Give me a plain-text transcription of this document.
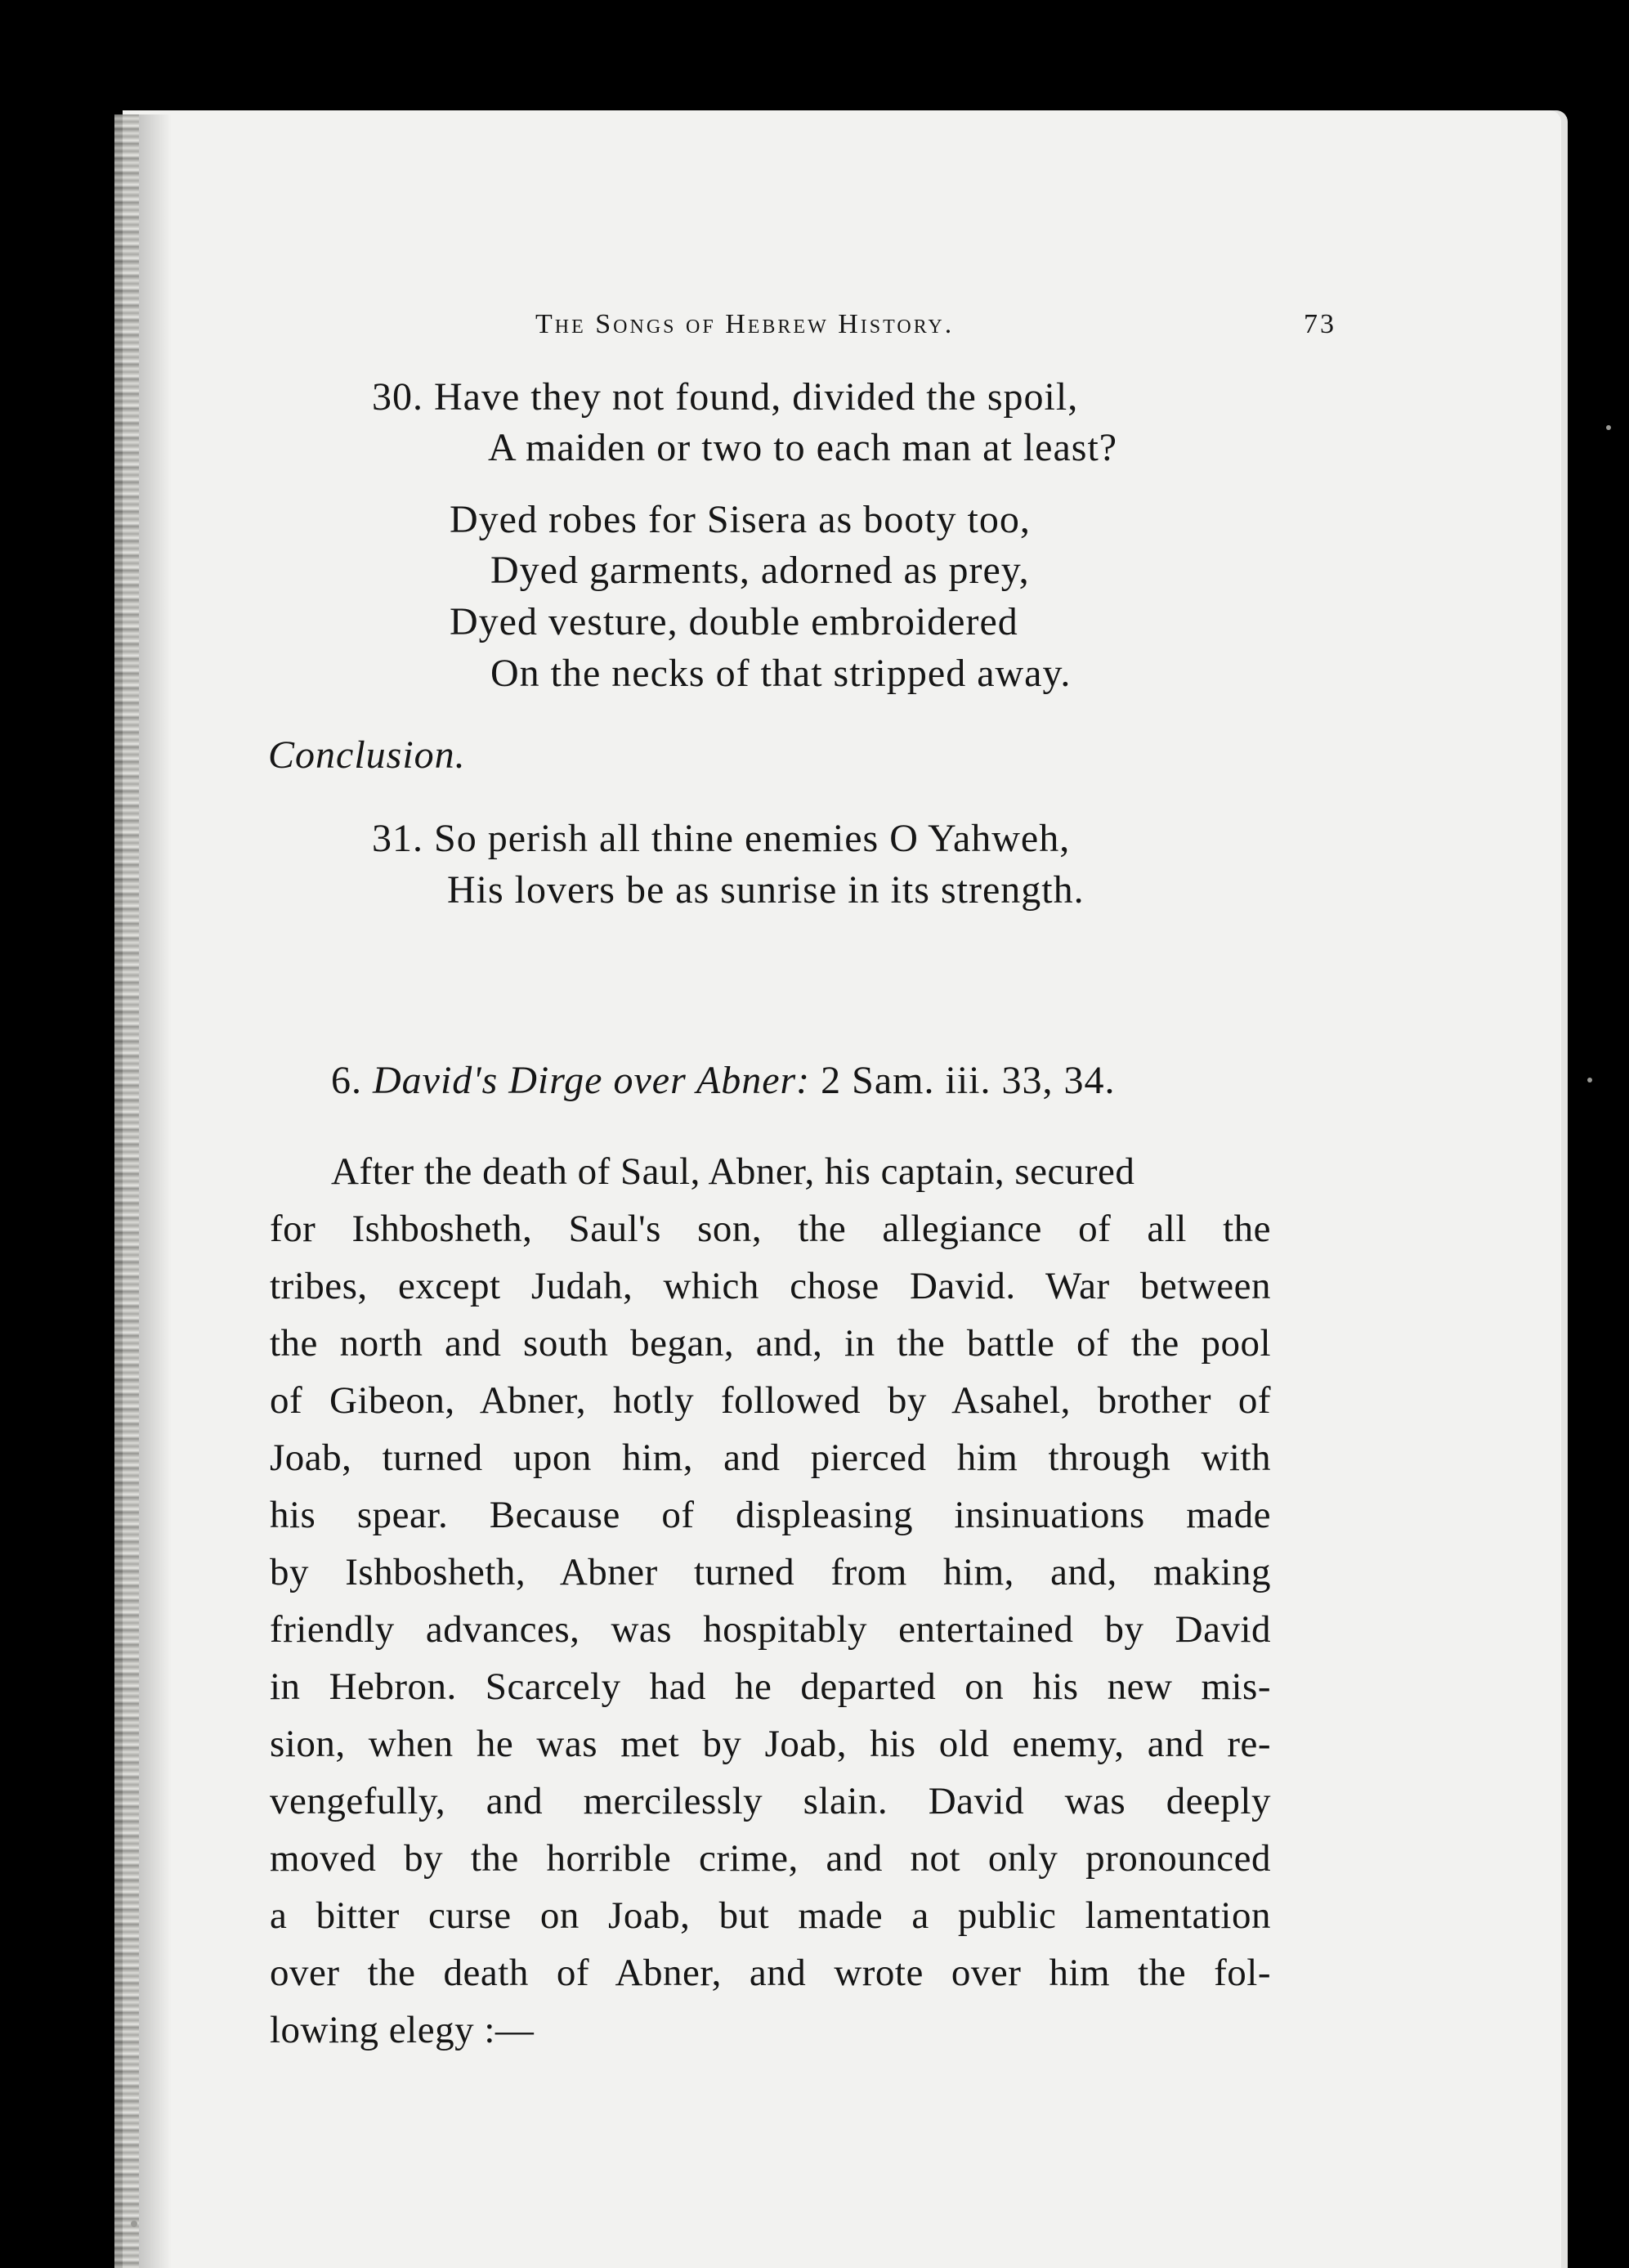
The Songs of Hebrew History.	73

30. Have they not found, divided the spoil,

A maiden or two to each man at least?

Dyed robes for Sisera as booty too,

Dyed garments, adorned as prey,

Dyed vesture, double embroidered

On the necks of that stripped away.

Conclusion.

31. So perish all thine enemies O Yahweh,

His lovers be as sunrise in its strength.

6. David's Dirge over Abner: 2 Sam. iii. 33, 34.

After the death of Saul, Abner, his captain, secured

for Ishbosheth, Saul's son, the allegiance of all the

tribes, except Judah, which chose David. War between

the north and south began, and, in the battle of the pool

of Gibeon, Abner, hotly followed by Asahel, brother of

Joab, turned upon him, and pierced him through with

his spear. Because of displeasing insinuations made

by Ishbosheth, Abner turned from him, and, making

friendly advances, was hospitably entertained by David

in Hebron. Scarcely had he departed on his new mis-

sion, when he was met by Joab, his old enemy, and re-

vengefully, and mercilessly slain. David was deeply

moved by the horrible crime, and not only pronounced

a bitter curse on Joab, but made a public lamentation

over the death of Abner, and wrote over him the fol-

lowing elegy :—
